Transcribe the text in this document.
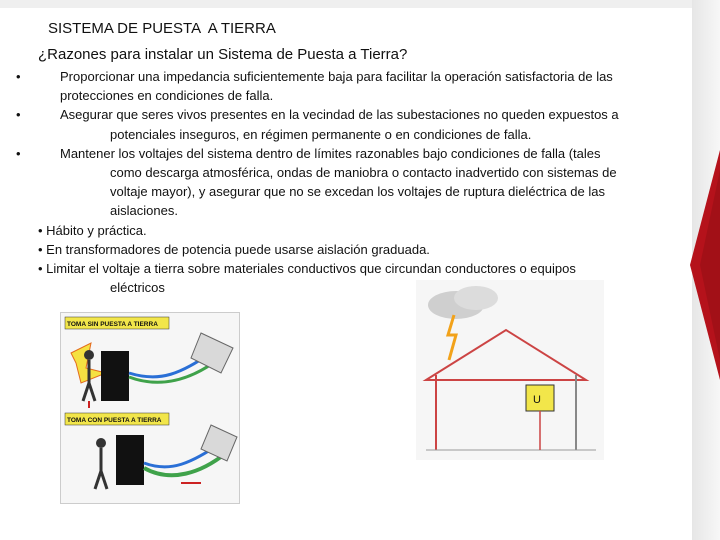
SISTEMA DE PUESTA  A TIERRA
¿Razones para instalar un Sistema de Puesta a Tierra?
•	Proporcionar una impedancia suficientemente baja para facilitar la operación satisfactoria de las
protecciones en condiciones de falla.
•	Asegurar que seres vivos presentes en la vecindad de las subestaciones no queden expuestos a
potenciales inseguros, en régimen permanente o en condiciones de falla.
•	Mantener los voltajes del sistema dentro de límites razonables bajo condiciones de falla (tales
como descarga atmosférica, ondas de maniobra o contacto inadvertido con sistemas de
voltaje mayor), y asegurar que no se excedan los voltajes de ruptura dieléctrica de las
aislaciones.
• Hábito y práctica.
• En transformadores de potencia puede usarse aislación graduada.
• Limitar el voltaje a tierra sobre materiales conductivos que circundan conductores o equipos
eléctricos
TOMA SIN PUESTA A TIERRA
TOMA CON PUESTA A TIERRA
U
